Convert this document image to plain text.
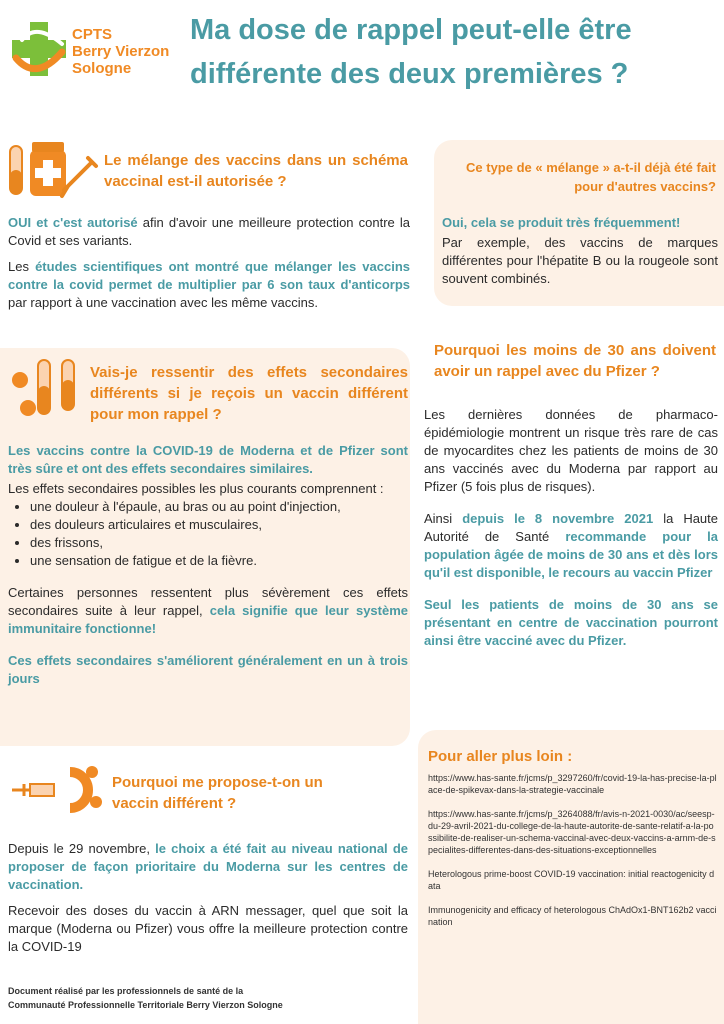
CPTS
Berry Vierzon
Sologne
Ma dose de rappel peut-elle être différente des deux premières ?
Le mélange des vaccins dans un schéma vaccinal est-il autorisée ?

OUI et c'est autorisé afin d'avoir une meilleure protection contre la Covid et ses variants.

Les études scientifiques ont montré que mélanger les vaccins contre la covid permet de multiplier par 6 son taux d'anticorps par rapport à une vaccination avec les même vaccins.

Vais-je ressentir des effets secondaires différents si je reçois un vaccin différent pour mon rappel ?

Les vaccins contre la COVID-19 de Moderna et de Pfizer sont très sûre et ont des effets secondaires similaires.

Les effets secondaires possibles les plus courants comprennent :

• une douleur à l'épaule, au bras ou au point d'injection,
• des douleurs articulaires et musculaires,
• des frissons,
• une sensation de fatigue et de la fièvre.

Certaines personnes ressentent plus sévèrement ces effets secondaires suite à leur rappel, cela signifie que leur système immunitaire fonctionne!

Ces effets secondaires s'améliorent généralement en un à trois jours

Pourquoi me propose-t-on un vaccin différent ?

Depuis le 29 novembre, le choix a été fait au niveau national de proposer de façon prioritaire du Moderna sur les centres de vaccination.

Recevoir des doses du vaccin à ARN messager, quel que soit la marque (Moderna ou Pfizer) vous offre la meilleure protection contre la COVID-19

Ce type de « mélange » a-t-il déjà été fait pour d'autres vaccins?

Oui, cela se produit très fréquemment!

Par exemple, des vaccins de marques différentes pour l'hépatite B ou la rougeole sont souvent combinés.

Pourquoi les moins de 30 ans doivent avoir un rappel avec du Pfizer ?

Les dernières données de pharmaco-épidémiologie montrent un risque très rare de cas de myocardites chez les patients de moins de 30 ans vaccinés avec du Moderna par rapport au Pfizer (5 fois plus de risques).

Ainsi depuis le 8 novembre 2021 la Haute Autorité de Santé recommande pour la population âgée de moins de 30 ans et dès lors qu'il est disponible, le recours au vaccin Pfizer

Seul les patients de moins de 30 ans se présentant en centre de vaccination pourront ainsi être vacciné avec du Pfizer.

Pour aller plus loin :

https://www.has-sante.fr/jcms/p_3297260/fr/covid-19-la-has-precise-la-place-de-spikevax-dans-la-strategie-vaccinale

https://www.has-sante.fr/jcms/p_3264088/fr/avis-n-2021-0030/ac/seesp-du-29-avril-2021-du-college-de-la-haute-autorite-de-sante-relatif-a-la-possibilite-de-realiser-un-schema-vaccinal-avec-deux-vaccins-a-arnm-de-specialites-differentes-dans-des-situations-exceptionnelles

Heterologous prime-boost COVID-19 vaccination: initial reactogenicity data

Immunogenicity and efficacy of heterologous ChAdOx1-BNT162b2 vaccination

Document réalisé par les professionnels de santé de la
Communauté Professionnelle Territoriale Berry Vierzon Sologne
